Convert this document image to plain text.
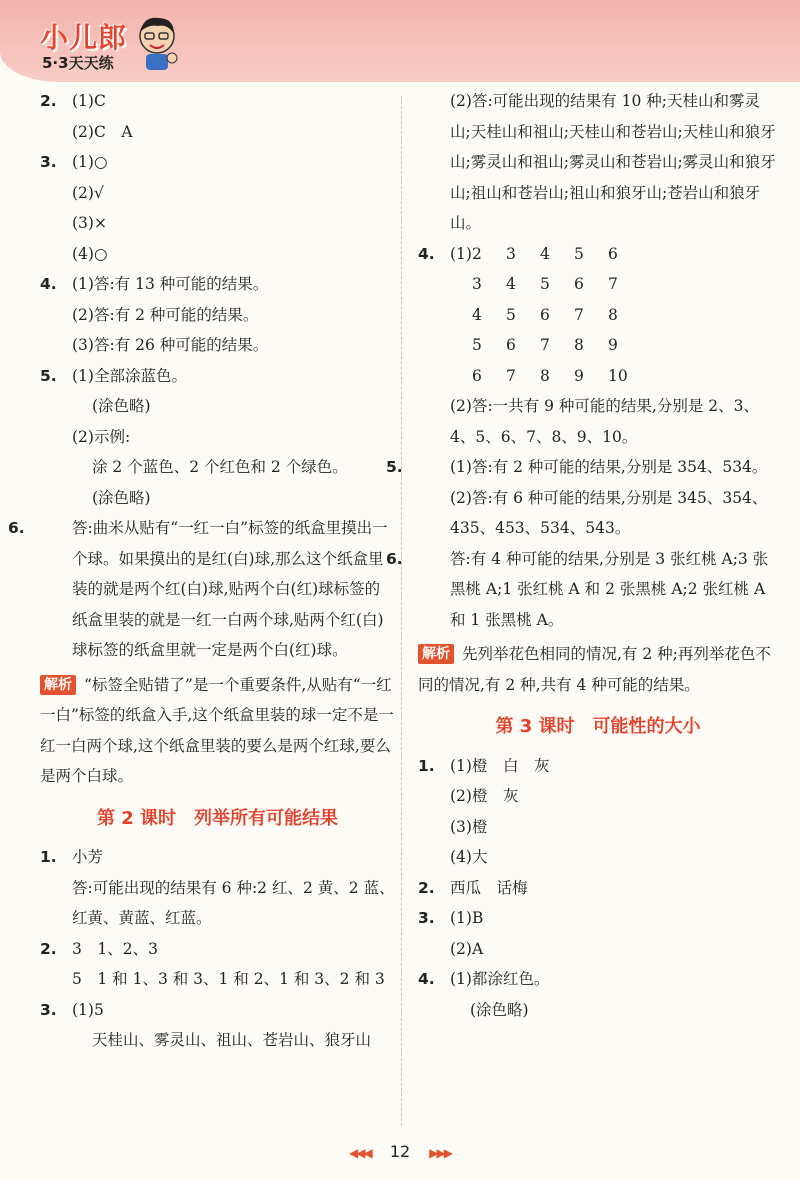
小儿郎
5·3天天练
2. (1)C
(2)C　A
3. (1)○
(2)√
(3)×
(4)○
4. (1)答:有 13 种可能的结果。
(2)答:有 2 种可能的结果。
(3)答:有 26 种可能的结果。
5. (1)全部涂蓝色。
(涂色略)
(2)示例:
涂 2 个蓝色、2 个红色和 2 个绿色。
(涂色略)
6.	答:曲米从贴有“一红一白”标签的纸盒里摸出一个球。如果摸出的是红(白)球,那么这个纸盒里装的就是两个红(白)球,贴两个白(红)球标签的纸盒里装的就是一红一白两个球,贴两个红(白)球标签的纸盒里就一定是两个白(红)球。
解析 “标签全贴错了”是一个重要条件,从贴有“一红一白”标签的纸盒入手,这个纸盒里装的球一定不是一红一白两个球,这个纸盒里装的要么是两个红球,要么是两个白球。
第 2 课时　列举所有可能结果
1. 小芳
答:可能出现的结果有 6 种:2 红、2 黄、2 蓝、红黄、黄蓝、红蓝。
2. 3　1、2、3
5　1 和 1、3 和 3、1 和 2、1 和 3、2 和 3
3. (1)5
天桂山、雾灵山、祖山、苍岩山、狼牙山
(2)答:可能出现的结果有 10 种;天桂山和雾灵山;天桂山和祖山;天桂山和苍岩山;天桂山和狼牙山;雾灵山和祖山;雾灵山和苍岩山;雾灵山和狼牙山;祖山和苍岩山;祖山和狼牙山;苍岩山和狼牙山。
4. (1)2 3 4 5 6
3 4 5 6 7
4 5 6 7 8
5 6 7 8 9
6 7 8 9 10
(2)答:一共有 9 种可能的结果,分别是 2、3、4、5、6、7、8、9、10。
5.	(1)答:有 2 种可能的结果,分别是 354、534。
(2)答:有 6 种可能的结果,分别是 345、354、435、453、534、543。
6.	答:有 4 种可能的结果,分别是 3 张红桃 A;3 张黑桃 A;1 张红桃 A 和 2 张黑桃 A;2 张红桃 A 和 1 张黑桃 A。
解析 先列举花色相同的情况,有 2 种;再列举花色不同的情况,有 2 种,共有 4 种可能的结果。
第 3 课时　可能性的大小
1. (1)橙　白　灰
(2)橙　灰
(3)橙
(4)大
2. 西瓜　话梅
3. (1)B
(2)A
4. (1)都涂红色。
(涂色略)
◀◀◀ 12 ▶▶▶
